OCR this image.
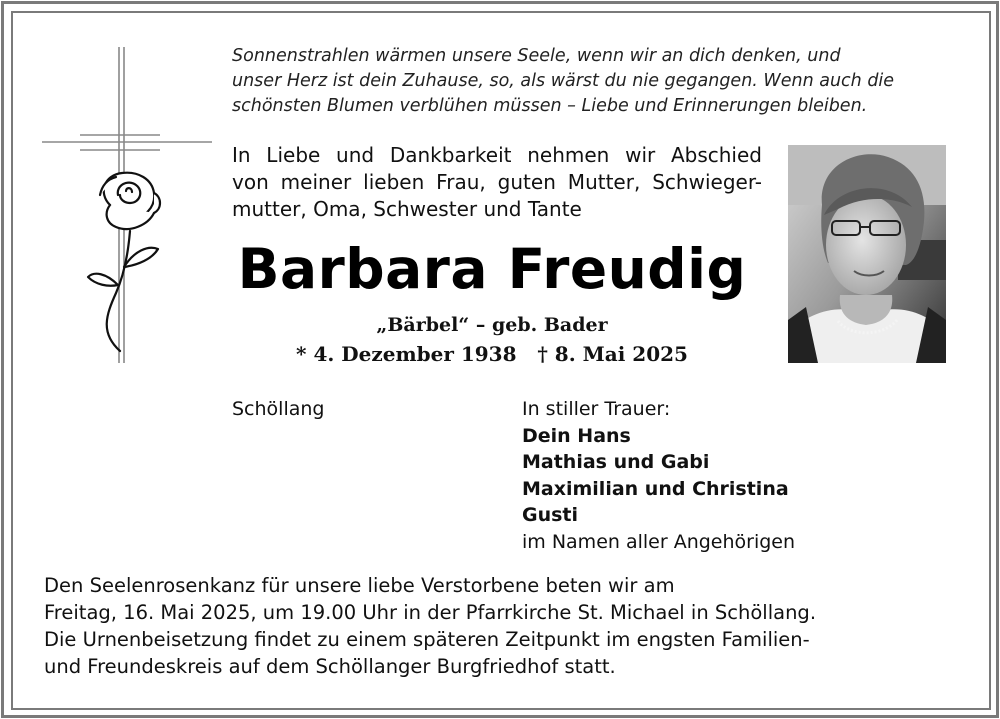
Sonnenstrahlen wärmen unsere Seele, wenn wir an dich denken, und
unser Herz ist dein Zuhause, so, als wärst du nie gegangen. Wenn auch die
schönsten Blumen verblühen müssen – Liebe und Erinnerungen bleiben.
In Liebe und Dankbarkeit nehmen wir Abschied
von meiner lieben Frau, guten Mutter, Schwieger-
mutter, Oma, Schwester und Tante
Barbara Freudig
„Bärbel“ – geb. Bader
* 4. Dezember 1938   † 8. Mai 2025
Schöllang	In stiller Trauer:
Dein Hans
Mathias und Gabi
Maximilian und Christina
Gusti
im Namen aller Angehörigen
Den Seelenrosenkanz für unsere liebe Verstorbene beten wir am
Freitag, 16. Mai 2025, um 19.00 Uhr in der Pfarrkirche St. Michael in Schöllang.
Die Urnenbeisetzung findet zu einem späteren Zeitpunkt im engsten Familien-
und Freundeskreis auf dem Schöllanger Burgfriedhof statt.
